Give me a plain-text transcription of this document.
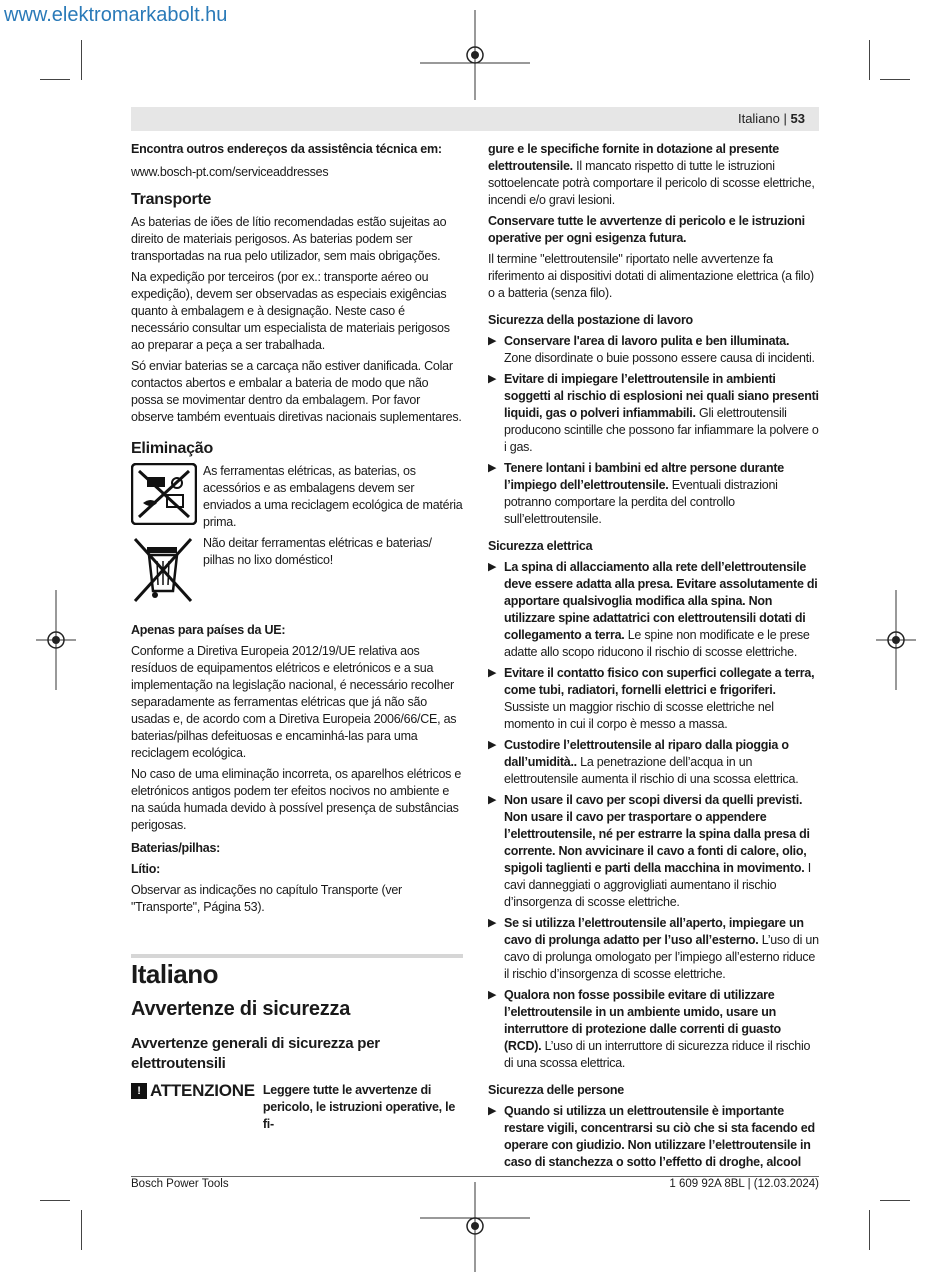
www.elektromarkabolt.hu
Italiano | 53

Encontra outros endereços da assistência técnica em:

www.bosch-pt.com/serviceaddresses

Transporte

As baterias de iões de lítio recomendadas estão sujeitas ao direito de materiais perigosos. As baterias podem ser transportadas na rua pelo utilizador, sem mais obrigações.

Na expedição por terceiros (por ex.: transporte aéreo ou expedição), devem ser observadas as especiais exigências quanto à embalagem e à designação. Neste caso é necessário consultar um especialista de materiais perigosos ao preparar a peça a ser trabalhada.

Só enviar baterias se a carcaça não estiver danificada. Colar contactos abertos e embalar a bateria de modo que não possa se movimentar dentro da embalagem. Por favor observe também eventuais diretivas nacionais suplementares.

Eliminação
As ferramentas elétricas, as baterias, os acessórios e as embalagens devem ser enviados a uma reciclagem ecológica de matéria prima.
Não deitar ferramentas elétricas e baterias/ pilhas no lixo doméstico!
Apenas para países da UE:

Conforme a Diretiva Europeia 2012/19/UE relativa aos resíduos de equipamentos elétricos e eletrónicos e a sua implementação na legislação nacional, é necessário recolher separadamente as ferramentas elétricas que já não são usadas e, de acordo com a Diretiva Europeia 2006/66/CE, as baterias/pilhas defeituosas e encaminhá-las para uma reciclagem ecológica.

No caso de uma eliminação incorreta, os aparelhos elétricos e eletrónicos antigos podem ter efeitos nocivos no ambiente e na saúda humada devido à possível presença de substâncias perigosas.

Baterias/pilhas:

Lítio:

Observar as indicações no capítulo Transporte (ver "Transporte", Página 53).

Italiano
Avvertenze di sicurezza
Avvertenze generali di sicurezza per elettroutensili
! ATTENZIONE Leggere tutte le avvertenze di pericolo, le istruzioni operative, le fi-

gure e le specifiche fornite in dotazione al presente elettroutensile. Il mancato rispetto di tutte le istruzioni sottoelencate potrà comportare il pericolo di scosse elettriche, incendi e/o gravi lesioni.

Conservare tutte le avvertenze di pericolo e le istruzioni operative per ogni esigenza futura.

Il termine "elettroutensile" riportato nelle avvertenze fa riferimento ai dispositivi dotati di alimentazione elettrica (a filo) o a batteria (senza filo).

Sicurezza della postazione di lavoro
▶ Conservare l'area di lavoro pulita e ben illuminata. Zone disordinate o buie possono essere causa di incidenti.
▶ Evitare di impiegare l’elettroutensile in ambienti soggetti al rischio di esplosioni nei quali siano presenti liquidi, gas o polveri infiammabili. Gli elettroutensili producono scintille che possono far infiammare la polvere o i gas.
▶ Tenere lontani i bambini ed altre persone durante l’impiego dell’elettroutensile. Eventuali distrazioni potranno comportare la perdita del controllo sull’elettroutensile.
Sicurezza elettrica
▶ La spina di allacciamento alla rete dell’elettroutensile deve essere adatta alla presa. Evitare assolutamente di apportare qualsivoglia modifica alla spina. Non utilizzare spine adattatrici con elettroutensili dotati di collegamento a terra. Le spine non modificate e le prese adatte allo scopo riducono il rischio di scosse elettriche.
▶ Evitare il contatto fisico con superfici collegate a terra, come tubi, radiatori, fornelli elettrici e frigoriferi. Sussiste un maggior rischio di scosse elettriche nel momento in cui il corpo è messo a massa.
▶ Custodire l’elettroutensile al riparo dalla pioggia o dall’umidità.. La penetrazione dell’acqua in un elettroutensile aumenta il rischio di una scossa elettrica.
▶ Non usare il cavo per scopi diversi da quelli previsti. Non usare il cavo per trasportare o appendere l’elettroutensile, né per estrarre la spina dalla presa di corrente. Non avvicinare il cavo a fonti di calore, olio, spigoli taglienti e parti della macchina in movimento. I cavi danneggiati o aggrovigliati aumentano il rischio d’insorgenza di scosse elettriche.
▶ Se si utilizza l’elettroutensile all’aperto, impiegare un cavo di prolunga adatto per l’uso all’esterno. L’uso di un cavo di prolunga omologato per l’impiego all’esterno riduce il rischio d’insorgenza di scosse elettriche.
▶ Qualora non fosse possibile evitare di utilizzare l’elettroutensile in un ambiente umido, usare un interruttore di protezione dalle correnti di guasto (RCD). L’uso di un interruttore di sicurezza riduce il rischio di una scossa elettrica.
Sicurezza delle persone
▶ Quando si utilizza un elettroutensile è importante restare vigili, concentrarsi su ciò che si sta facendo ed operare con giudizio. Non utilizzare l’elettroutensile in caso di stanchezza o sotto l’effetto di droghe, alcool
Bosch Power Tools	1 609 92A 8BL | (12.03.2024)
